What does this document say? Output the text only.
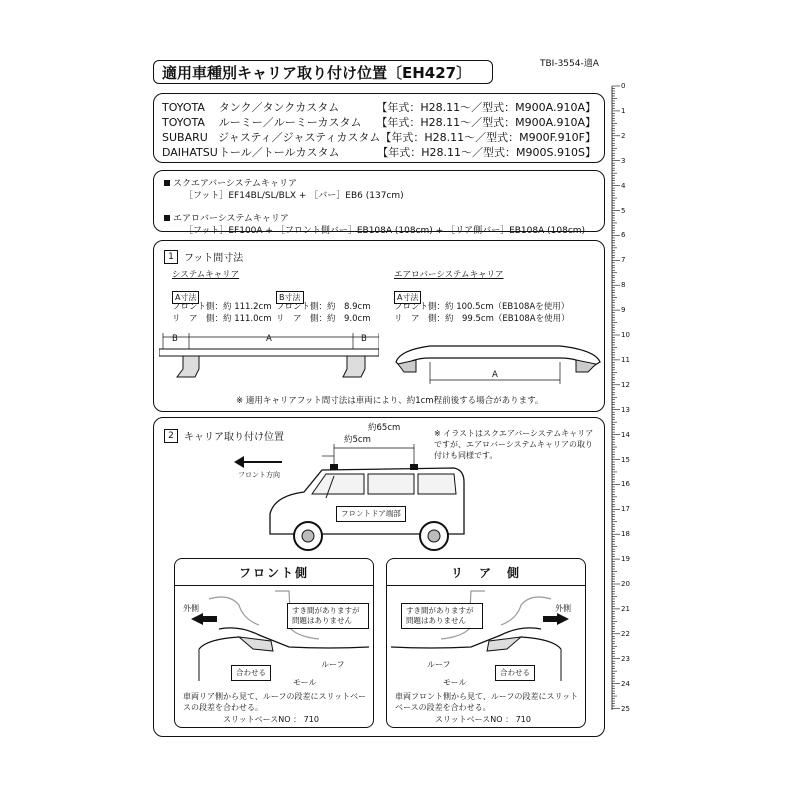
TBI-3554-適A
適用車種別キャリア取り付け位置〔EH427〕
TOYOTA	タンク／タンクカスタム	【年式：H28.11～／型式：M900A.910A】
TOYOTA	ルーミー／ルーミーカスタム	【年式：H28.11～／型式：M900A.910A】
SUBARU ジャスティ／ジャスティカスタム 【年式：H28.11～／型式：M900F.910F】
DAIHATSU トール／トールカスタム	【年式：H28.11～／型式：M900S.910S】
スクエアバーシステムキャリア
［フット］EF14BL/SL/BLX + ［バー］EB6 (137cm)
エアロバーシステムキャリア
［フット］EF100A + ［フロント側バー］EB108A (108cm) + ［リア側バー］EB108A (108cm)
1	フット間寸法
システムキャリア
A寸法
フロント側：約 111.2cm
リ　ア　側：約 111.0cm
B寸法
フロント側：約　8.9cm
リ　ア　側：約　9.0cm
エアロバーシステムキャリア
A寸法
フロント側：約 100.5cm（EB108Aを使用）
リ　ア　側：約　99.5cm（EB108Aを使用）
B	A	B
A
※ 適用キャリアフット間寸法は車両により、約1cm程前後する場合があります。
2	キャリア取り付け位置	※ イラストはスクエアバーシステムキャリアですが、エアロバーシステムキャリアの取り付けも同様です。
約65cm
約5cm
フロント方向
フロントドア端部
フロント側
外側	すき間がありますが問題はありません
ルーフ
モール
合わせる
車両リア側から見て、ルーフの段差にスリットベースの段差を合わせる。
スリットベースNO ： 710
リ　ア　側
外側
すき間がありますが問題はありません
ルーフ
モール
合わせる
車両フロント側から見て、ルーフの段差にスリットベースの段差を合わせる。
スリットベースNO ： 710
0
1
2
3
4
5
6
7
8
9
10
11
12
13
14
15
16
17
18
19
20
21
22
23
24
25
